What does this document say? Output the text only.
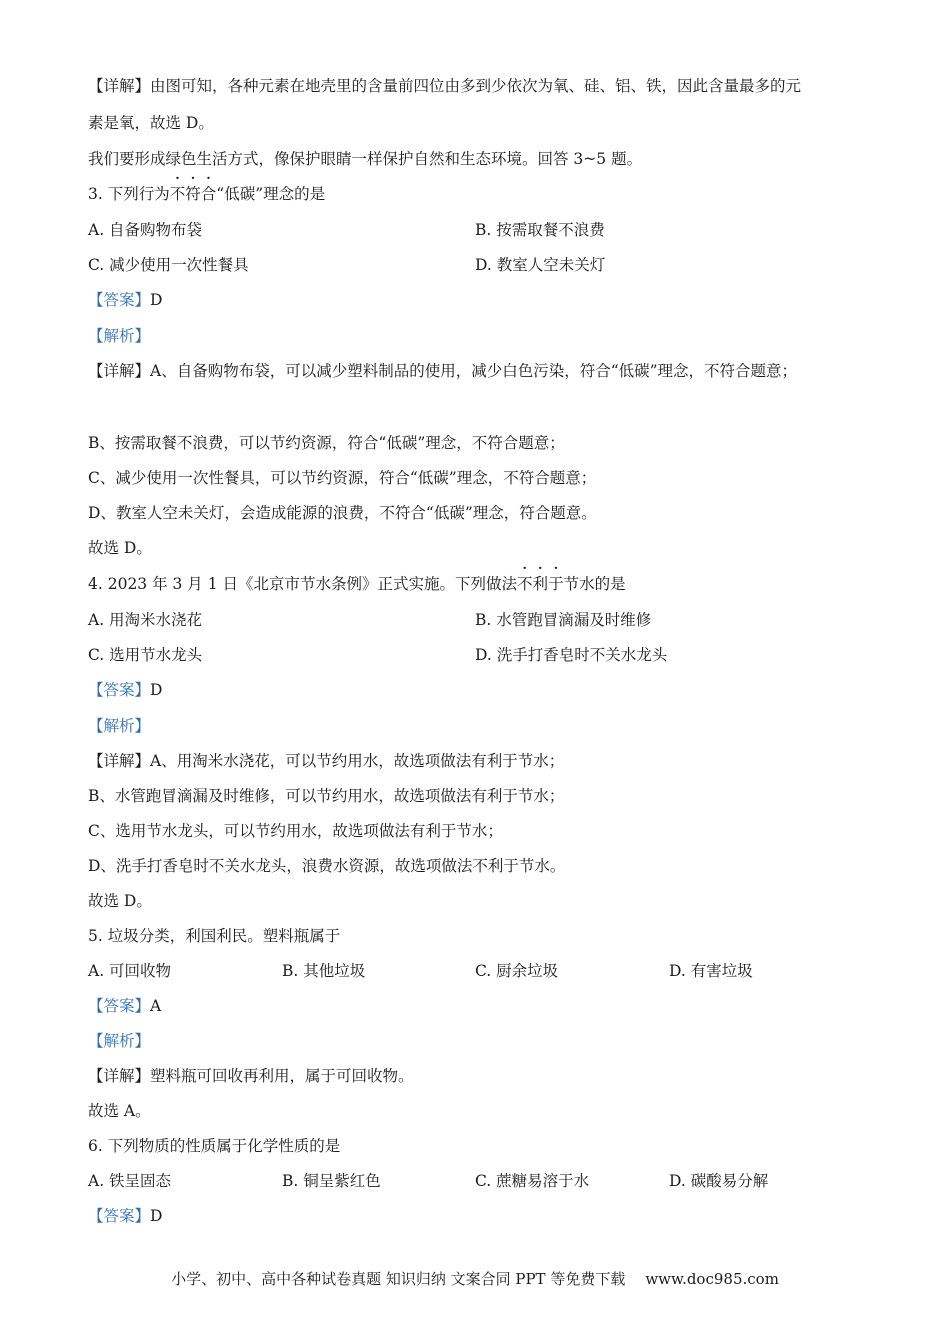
【详解】由图可知，各种元素在地壳里的含量前四位由多到少依次为氧、硅、铝、铁，因此含量最多的元
素是氧，故选 D。
我们要形成绿色生活方式，像保护眼睛一样保护自然和生态环境。回答 3~5 题。
3. 下列行为不符合“低碳”理念的是
A. 自备购物布袋	B. 按需取餐不浪费
C. 减少使用一次性餐具	D. 教室人空未关灯
【答案】D
【解析】
【详解】A、自备购物布袋，可以减少塑料制品的使用，减少白色污染，符合“低碳”理念，不符合题意；
B、按需取餐不浪费，可以节约资源，符合“低碳”理念，不符合题意；
C、减少使用一次性餐具，可以节约资源，符合“低碳”理念，不符合题意；
D、教室人空未关灯，会造成能源的浪费，不符合“低碳”理念，符合题意。
故选 D。
4. 2023 年 3 月 1 日《北京市节水条例》正式实施。下列做法不利于节水的是
A. 用淘米水浇花	B. 水管跑冒滴漏及时维修
C. 选用节水龙头	D. 洗手打香皂时不关水龙头
【答案】D
【解析】
【详解】A、用淘米水浇花，可以节约用水，故选项做法有利于节水；
B、水管跑冒滴漏及时维修，可以节约用水，故选项做法有利于节水；
C、选用节水龙头，可以节约用水，故选项做法有利于节水；
D、洗手打香皂时不关水龙头，浪费水资源，故选项做法不利于节水。
故选 D。
5. 垃圾分类，利国利民。塑料瓶属于
A. 可回收物	B. 其他垃圾	C. 厨余垃圾	D. 有害垃圾
【答案】A
【解析】
【详解】塑料瓶可回收再利用，属于可回收物。
故选 A。
6. 下列物质的性质属于化学性质的是
A. 铁呈固态	B. 铜呈紫红色	C. 蔗糖易溶于水	D. 碳酸易分解
【答案】D
小学、初中、高中各种试卷真题 知识归纳 文案合同 PPT 等免费下载 www.doc985.com
